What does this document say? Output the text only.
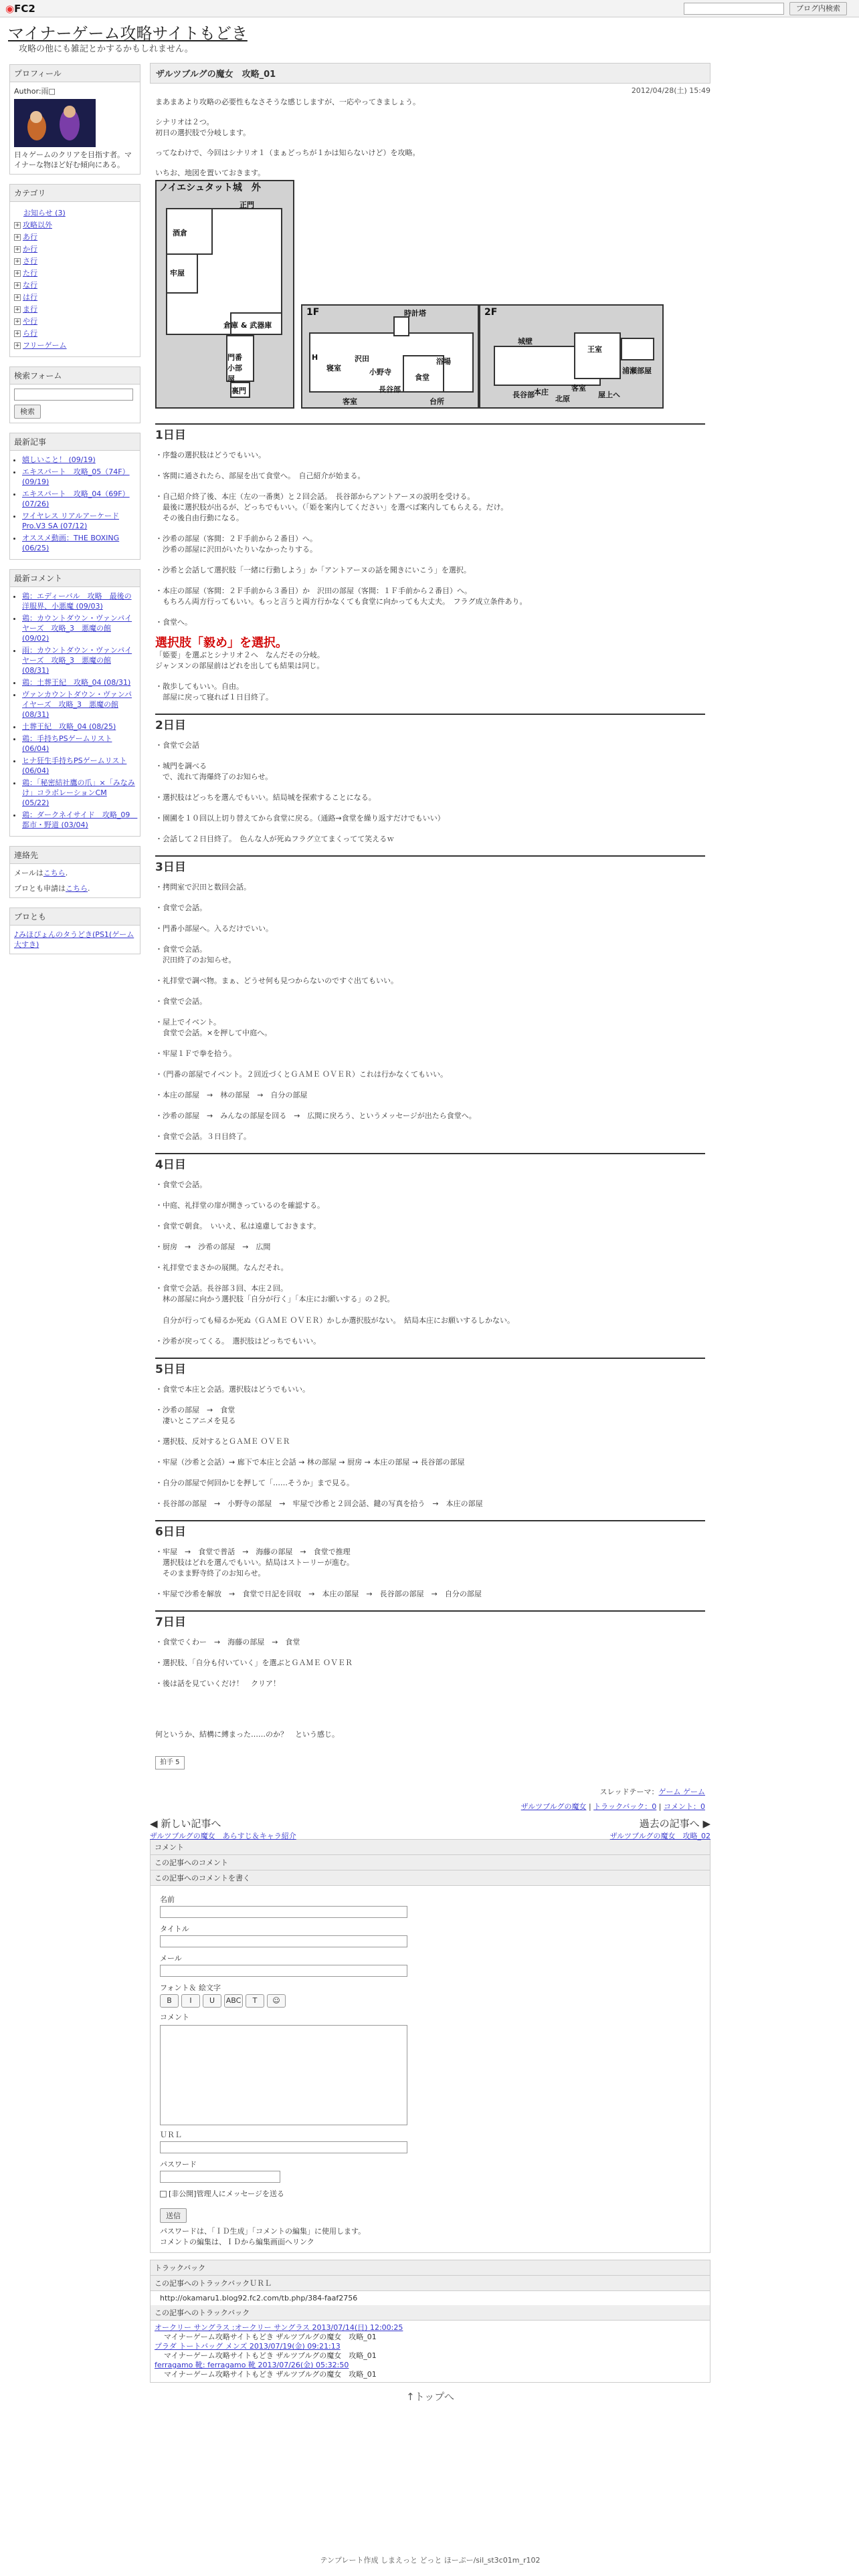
◉FC2	ブログ内検索
マイナーゲーム攻略サイトもどき
攻略の他にも雑記とかするかもしれません。
プロフィール
Author:雨□
日々ゲームのクリアを目指す者。マイナーな物ほど好む傾向にある。
カテゴリ
お知らせ (3)
+ 攻略以外
+ あ行
+ か行
+ さ行
+ た行
+ な行
+ は行
+ ま行
+ や行
+ ら行
+ フリーゲーム
検索フォーム
検索
最新記事
• 嬉しいこと！ (09/19)
• エキスパート　攻略_05（74F） (09/19)
• エキスパート　攻略_04（69F） (07/26)
• ワイヤレス リアルアーケードPro.V3 SA (07/12)
• オススメ動画：THE BOXING (06/25)
最新コメント
• 鶏：エディーバル　攻略　最後の洋服界、小悪魔 (09/03)
• 鶏：カウントダウン・ヴァンパイヤーズ　攻略_3　悪魔の館 (09/02)
• 雨：カウントダウン・ヴァンパイヤーズ　攻略_3　悪魔の館 (08/31)
• 鶏：土葬王紀　攻略_04 (08/31)
• ヴァンカウントダウン・ヴァンパイヤーズ　攻略_3　悪魔の館 (08/31)
• 土葬王紀　攻略_04 (08/25)
• 鶏：手持ちPSゲームリスト (06/04)
• ヒナ狂生手持ちPSゲームリスト (06/04)
• 鶏：「秘密結社鷹の爪」×「みなみけ」コラボレーションCM (05/22)
• 鶏：ダークネイサイド　攻略_09　都市・野道 (03/04)
連絡先
メールはこちら.
ブロとも申請はこちら.
ブロとも
♪みほぴょんのタうどき(PS1(ゲーム大すき)
ザルツブルグの魔女　攻略_01
2012/04/28(土) 15:49

まあまあより攻略の必要性もなさそうな感じしますが、一応やってきましょう。

シナリオは２つ。
初日の選択肢で分岐します。

ってなわけで、今回はシナリオ１（まぁどっちが１かは知らないけど）を攻略。

いちお、地図を置いておきます。

ノイエシュタット城　外
正門
酒倉
牢屋
倉庫 & 武器庫
門番小部屋
裏門
1F	時計塔
H
寝室	小野寺
沢田
長谷部
浴場
食堂
台所
客室
2F
城壁
王室
浦瀬部屋
長谷部 本庄	客室
北原	屋上へ
1日目
・序盤の選択肢はどうでもいい。
・客間に通されたら、部屋を出て食堂へ。　自己紹介が始まる。
・自己紹介終了後、本庄（左の一番奥）と２回会話。　長谷部からアントアーヌの説明を受ける。
　最後に選択肢が出るが、どっちでもいい。（「姫を案内してください」を選べば案内してもらえる。だけ。
　その後自由行動になる。
・沙希の部屋（客間：２Ｆ手前から２番目）へ。
　沙希の部屋に沢田がいたりいなかったりする。
・沙希と会話して選択肢「一緒に行動しよう」か「アントアーヌの話を聞きにいこう」を選択。
・本庄の部屋（客間：２Ｆ手前から３番目）か　沢田の部屋（客間：１Ｆ手前から２番目）へ。
　もちろん両方行ってもいい。もっと言うと両方行かなくても食堂に向かっても大丈夫。　フラグ成立条件あり。
・食堂へ。
選択肢「毅め」を選択。
「姫要」を選ぶとシナリオ２へ　なんだその分岐。
ジャンヌンの部屋前はどれを出しても結果は同じ。
・散歩してもいい。自由。
　部屋に戻って寝れば１日目終了。
2日目
・食堂で会話
・城門を調べる
　で、流れて海爆終了のお知らせ。
・選択肢はどっちを選んでもいい。結局城を探索することになる。
・園圃を１０回以上切り替えてから食堂に戻る。（通路→食堂を繰り返すだけでもいい）
・会話して２日目終了。　色んな人が死ぬフラグ立てまくってて笑えるｗ
3日目
・拷問室で沢田と数回会話。
・食堂で会話。
・門番小部屋へ。入るだけでいい。
・食堂で会話。
　沢田終了のお知らせ。
・礼拝堂で調べ物。まぁ、どうせ何も見つからないのですぐ出てもいい。
・食堂で会話。
・屋上でイベント。
　食堂で会話。×を押して中庭へ。
・牢屋１Ｆで拳を拾う。
・（門番の部屋でイベント。２回近づくとＧＡＭＥ ＯＶＥＲ）これは行かなくてもいい。
・本庄の部屋　→　林の部屋　→　自分の部屋
・沙希の部屋　→　みんなの部屋を回る　→　広間に戻ろう、というメッセージが出たら食堂へ。
・食堂で会話。３日目終了。
4日目
・食堂で会話。
・中庭、礼拝堂の扉が開きっているのを確認する。
・食堂で朝食。　いいえ、私は遠慮しておきます。
・厨房　→　沙希の部屋　→　広間
・礼拝堂でまさかの展開。なんだそれ。
・食堂で会話。長谷部３回、本庄２回。
　林の部屋に向かう選択肢「自分が行く」「本庄にお願いする」の２択。

　自分が行っても帰るか死ぬ（ＧＡＭＥ ＯＶＥＲ）かしか選択肢がない。　結局本庄にお願いするしかない。
・沙希が戻ってくる。　選択肢はどっちでもいい。
5日目
・食堂で本庄と会話。選択肢はどうでもいい。
・沙希の部屋　→　食堂
　凄いとこアニメを見る
・選択肢、反対するとＧＡＭＥ ＯＶＥＲ
・牢屋（沙希と会話）→ 廊下で本庄と会話 → 林の部屋 → 厨房 → 本庄の部屋 → 長谷部の部屋
・自分の部屋で何回かじを押して「……そうか」まで見る。
・長谷部の部屋　→　小野寺の部屋　→　牢屋で沙希と２回会話、鍵の写真を拾う　→　本庄の部屋
6日目
・牢屋　→　食堂で普話　→　海藤の部屋　→　食堂で推理
　選択肢はどれを選んでもいい。結局はストーリーが進む。
　そのまま野寺終了のお知らせ。
・牢屋で沙希を解放　→　食堂で日記を回収　→　本庄の部屋　→　長谷部の部屋　→　自分の部屋
7日目
・食堂でくわー　→　海藤の部屋　→　食堂
・選択肢、「自分も付いていく」を選ぶとＧＡＭＥ ＯＶＥＲ
・後は話を見ていくだけ！　クリア！

何というか、結構に縛まった……のか？　という感じ。

拍手 5
スレッドテーマ：ゲーム ゲーム
ザルツブルグの魔女 | トラックバック：0 | コメント：0
◀ 新しい記事へ
ザルツブルグの魔女　あらすじ＆キャラ紹介
過去の記事へ ▶
ザルツブルグの魔女　攻略_02
コメント
この記事へのコメント
この記事へのコメントを書く
名前
タイトル
メール
フォント＆ 絵文字
B I U ABC T ☺
コメント
ＵＲＬ
パスワード
[非公開]管理人にメッセージを送る
送信
パスワードは、「ＩＤ生成」「コメントの編集」に使用します。
コメントの編集は、ＩＤから編集画面へリンク
トラックバック
この記事へのトラックバックＵＲＬ
http://okamaru1.blog92.fc2.com/tb.php/384-faaf2756
この記事へのトラックバック
オークリー サングラス :オークリー サングラス 2013/07/14(日) 12:00:25
マイナーゲーム攻略サイトもどき ザルツブルグの魔女　攻略_01
プラダ トートバッグ メンズ 2013/07/19(金) 09:21:13
マイナーゲーム攻略サイトもどき ザルツブルグの魔女　攻略_01
ferragamo 靴: ferragamo 靴 2013/07/26(金) 05:32:50
マイナーゲーム攻略サイトもどき ザルツブルグの魔女　攻略_01
↑トップへ
テンプレート作成 しまえっと どっと ほーぷー/sil_st3c01m_r102
